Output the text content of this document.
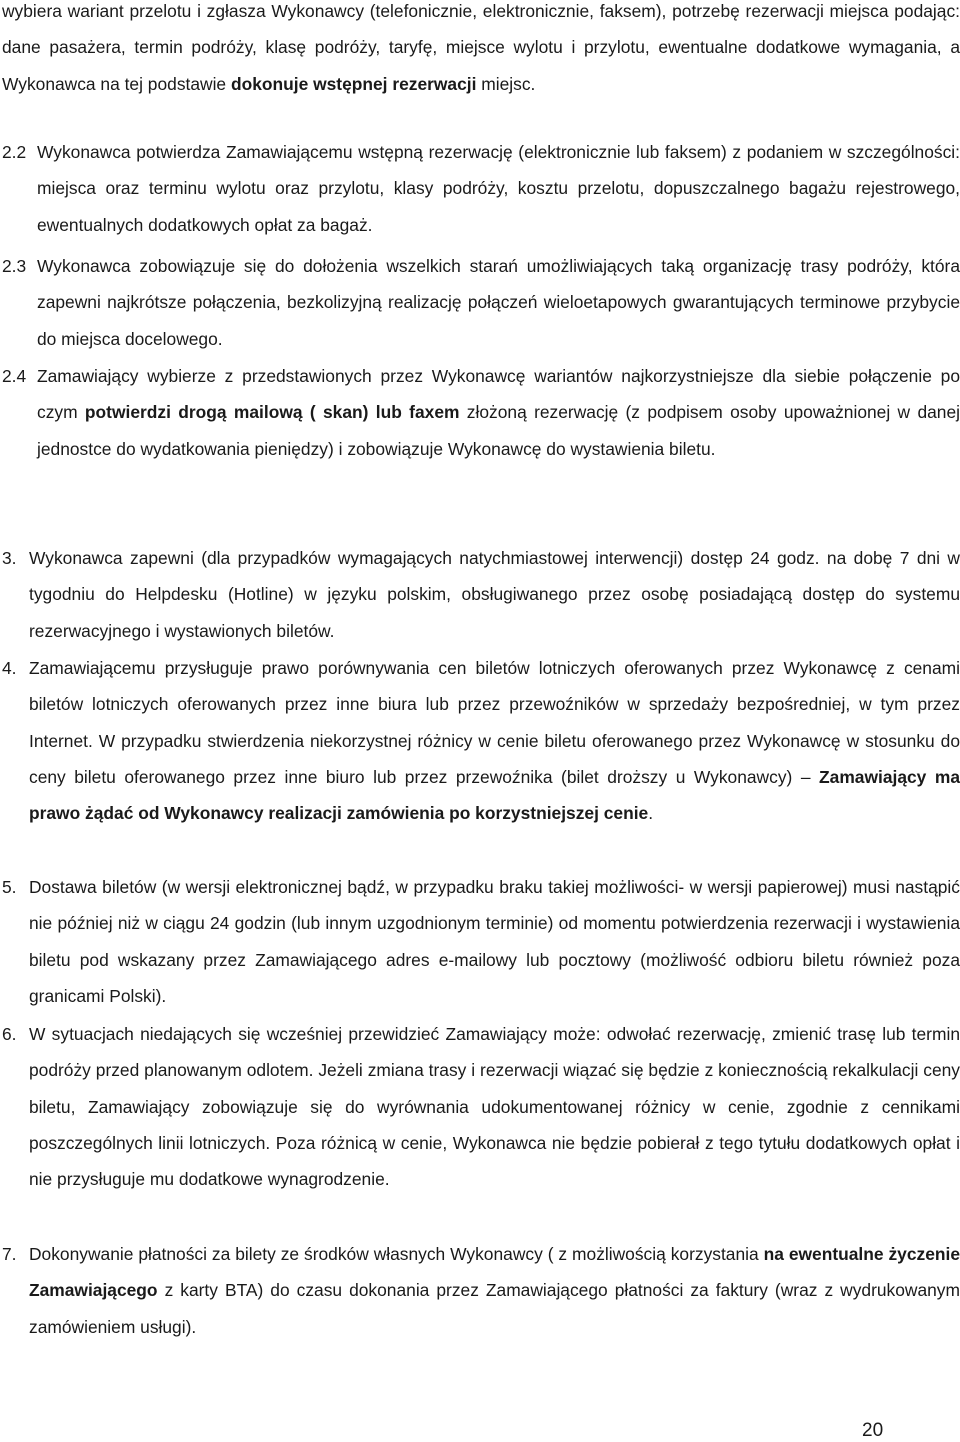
wybiera wariant przelotu i zgłasza Wykonawcy (telefonicznie, elektronicznie, faksem), potrzebę rezerwacji miejsca podając: dane pasażera, termin podróży, klasę podróży, taryfę, miejsce wylotu i przylotu, ewentualne dodatkowe wymagania, a Wykonawca na tej podstawie dokonuje wstępnej rezerwacji miejsc.

2.2 Wykonawca potwierdza Zamawiającemu wstępną rezerwację (elektronicznie lub faksem) z podaniem w szczególności: miejsca oraz terminu wylotu oraz przylotu, klasy podróży, kosztu przelotu, dopuszczalnego bagażu rejestrowego, ewentualnych dodatkowych opłat za bagaż.
2.3 Wykonawca zobowiązuje się do dołożenia wszelkich starań umożliwiających taką organizację trasy podróży, która zapewni najkrótsze połączenia, bezkolizyjną realizację połączeń wieloetapowych gwarantujących terminowe przybycie do miejsca docelowego.
2.4 Zamawiający wybierze z przedstawionych przez Wykonawcę wariantów najkorzystniejsze dla siebie połączenie po czym potwierdzi drogą mailową ( skan) lub faxem złożoną rezerwację (z podpisem osoby upoważnionej w danej jednostce do wydatkowania pieniędzy) i zobowiązuje Wykonawcę do wystawienia biletu.
3. Wykonawca zapewni (dla przypadków wymagających natychmiastowej interwencji) dostęp 24 godz. na dobę 7 dni w tygodniu do Helpdesku (Hotline) w języku polskim, obsługiwanego przez osobę posiadającą dostęp do systemu rezerwacyjnego i wystawionych biletów.
4. Zamawiającemu przysługuje prawo porównywania cen biletów lotniczych oferowanych przez Wykonawcę z cenami biletów lotniczych oferowanych przez inne biura lub przez przewoźników w sprzedaży bezpośredniej, w tym przez Internet. W przypadku stwierdzenia niekorzystnej różnicy w cenie biletu oferowanego przez Wykonawcę w stosunku do ceny biletu oferowanego przez inne biuro lub przez przewoźnika (bilet droższy u Wykonawcy) – Zamawiający ma prawo żądać od Wykonawcy realizacji zamówienia po korzystniejszej cenie.
5. Dostawa biletów (w wersji elektronicznej bądź, w przypadku braku takiej możliwości- w wersji papierowej) musi nastąpić nie później niż w ciągu 24 godzin (lub innym uzgodnionym terminie) od momentu potwierdzenia rezerwacji i wystawienia biletu pod wskazany przez Zamawiającego adres e-mailowy lub pocztowy (możliwość odbioru biletu również poza granicami Polski).
6. W sytuacjach niedających się wcześniej przewidzieć Zamawiający może: odwołać rezerwację, zmienić trasę lub termin podróży przed planowanym odlotem. Jeżeli zmiana trasy i rezerwacji wiązać się będzie z koniecznością rekalkulacji ceny biletu, Zamawiający zobowiązuje się do wyrównania udokumentowanej różnicy w cenie, zgodnie z cennikami poszczególnych linii lotniczych. Poza różnicą w cenie, Wykonawca nie będzie pobierał z tego tytułu dodatkowych opłat i nie przysługuje mu dodatkowe wynagrodzenie.
7. Dokonywanie płatności za bilety ze środków własnych Wykonawcy ( z możliwością korzystania na ewentualne życzenie Zamawiającego z karty BTA) do czasu dokonania przez Zamawiającego płatności za faktury (wraz z wydrukowanym zamówieniem usługi).
20
